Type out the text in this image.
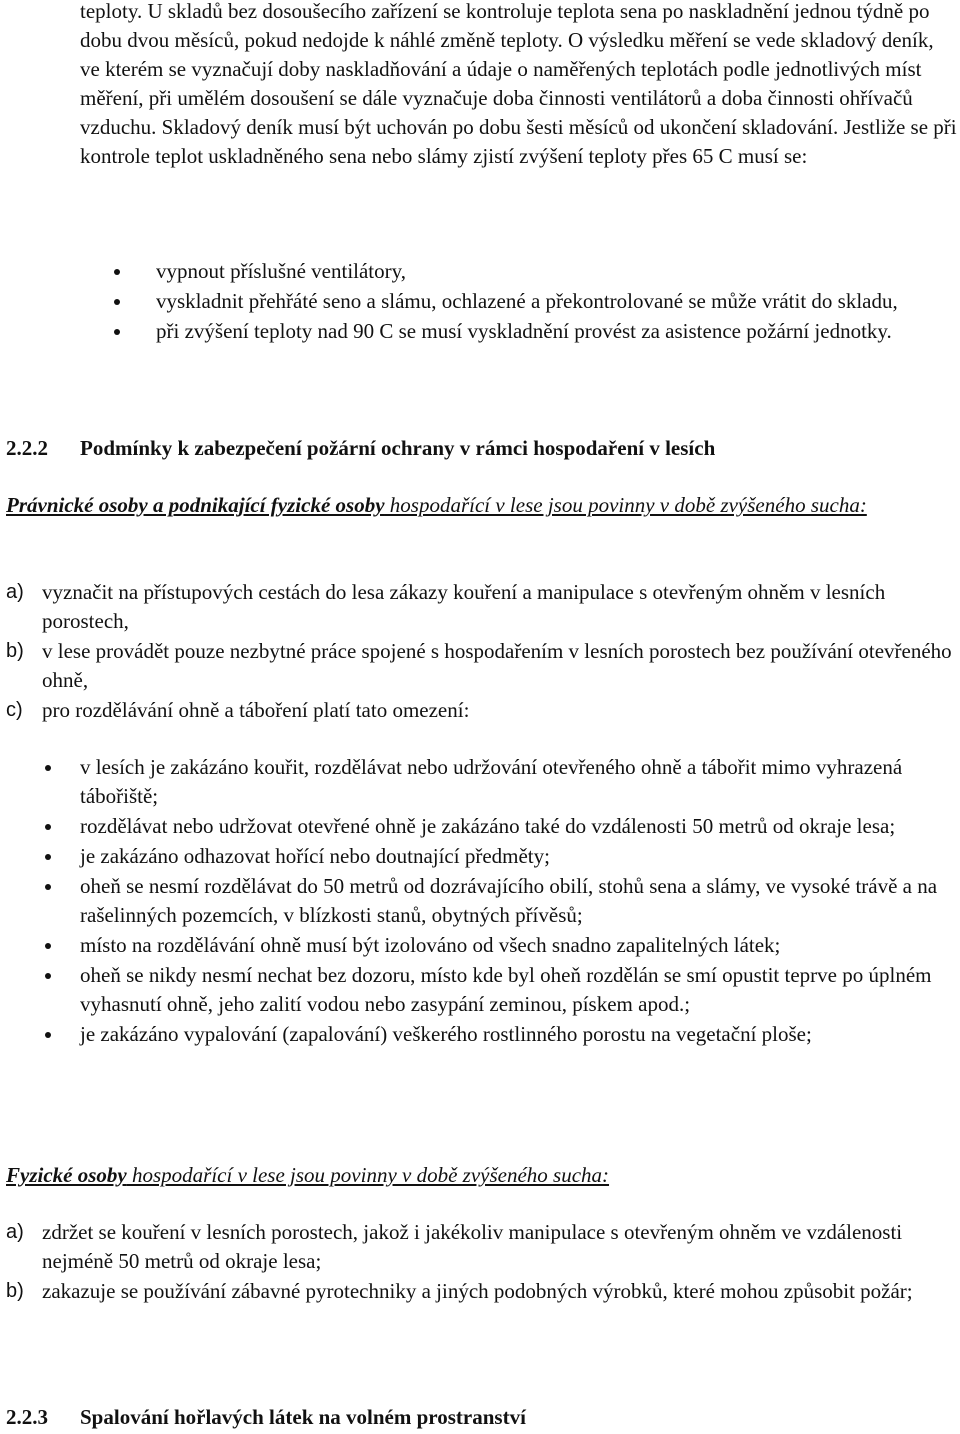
teploty. U skladů bez dosoušecího zařízení se kontroluje teplota sena po naskladnění jednou týdně po dobu dvou měsíců, pokud nedojde k náhlé změně teploty. O výsledku měření se vede skladový deník, ve kterém se vyznačují doby naskladňování a údaje o naměřených teplotách podle jednotlivých míst měření, při umělém dosoušení se dále vyznačuje doba činnosti ventilátorů a doba činnosti ohřívačů vzduchu. Skladový deník musí být uchován po dobu šesti měsíců od ukončení skladování. Jestliže se při kontrole teplot uskladněného sena nebo slámy zjistí zvýšení teploty přes 65 C musí se:

vypnout příslušné ventilátory,
vyskladnit přehřáté seno a slámu, ochlazené a překontrolované se může vrátit do skladu,
při zvýšení teploty nad 90 C se musí vyskladnění provést za asistence požární jednotky.
2.2.2 Podmínky k zabezpečení požární ochrany v rámci hospodaření v lesích
Právnické osoby a podnikající fyzické osoby hospodařící v lese jsou povinny v době zvýšeného sucha:
a) vyznačit na přístupových cestách do lesa zákazy kouření a manipulace s otevřeným ohněm v lesních porostech,
b) v lese provádět pouze nezbytné práce spojené s hospodařením v lesních porostech bez používání otevřeného ohně,
c) pro rozdělávání ohně a táboření platí tato omezení:
v lesích je zakázáno kouřit, rozdělávat nebo udržování otevřeného ohně a tábořit mimo vyhrazená tábořiště;
rozdělávat nebo udržovat otevřené ohně je zakázáno také do vzdálenosti 50 metrů od okraje lesa;
je zakázáno odhazovat hořící nebo doutnající předměty;
oheň se nesmí rozdělávat do 50 metrů od dozrávajícího obilí, stohů sena a slámy, ve vysoké trávě a na rašelinných pozemcích, v blízkosti stanů, obytných přívěsů;
místo na rozdělávání ohně musí být izolováno od všech snadno zapalitelných látek;
oheň se nikdy nesmí nechat bez dozoru, místo kde byl oheň rozdělán se smí opustit teprve po úplném vyhasnutí ohně, jeho zalití vodou nebo zasypání zeminou, pískem apod.;
je zakázáno vypalování (zapalování) veškerého rostlinného porostu na vegetační ploše;
Fyzické osoby hospodařící v lese jsou povinny v době zvýšeného sucha:
a) zdržet se kouření v lesních porostech, jakož i jakékoliv manipulace s otevřeným ohněm ve vzdálenosti nejméně 50 metrů od okraje lesa;
b) zakazuje se používání zábavné pyrotechniky a jiných podobných výrobků, které mohou způsobit požár;
2.2.3 Spalování hořlavých látek na volném prostranství
